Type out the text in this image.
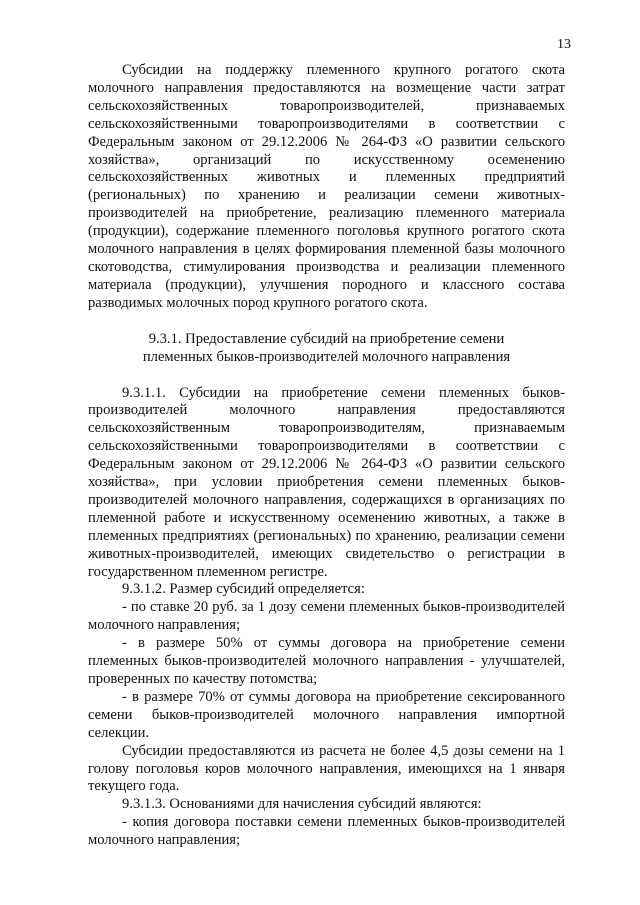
13

Субсидии на поддержку племенного крупного рогатого скота молочного направления предоставляются на возмещение части затрат сельскохозяйственных товаропроизводителей, признаваемых сельскохозяйственными товаропроизводителями в соответствии с Федеральным законом от 29.12.2006 № 264-ФЗ «О развитии сельского хозяйства», организаций по искусственному осеменению сельскохозяйственных животных и племенных предприятий (региональных) по хранению и реализации семени животных-производителей на приобретение, реализацию племенного материала (продукции), содержание племенного поголовья крупного рогатого скота молочного направления в целях формирования племенной базы молочного скотоводства, стимулирования производства и реализации племенного материала (продукции), улучшения породного и классного состава разводимых молочных пород крупного рогатого скота.

9.3.1. Предоставление субсидий на приобретение семени
племенных быков-производителей молочного направления

9.3.1.1. Субсидии на приобретение семени племенных быков-производителей молочного направления предоставляются сельскохозяйственным товаропроизводителям, признаваемым сельскохозяйственными товаропроизводителями в соответствии с Федеральным законом от 29.12.2006 № 264-ФЗ «О развитии сельского хозяйства», при условии приобретения семени племенных быков-производителей молочного направления, содержащихся в организациях по племенной работе и искусственному осеменению животных, а также в племенных предприятиях (региональных) по хранению, реализации семени животных-производителей, имеющих свидетельство о регистрации в государственном племенном регистре.

9.3.1.2. Размер субсидий определяется:

- по ставке 20 руб. за 1 дозу семени племенных быков-производителей молочного направления;

- в размере 50% от суммы договора на приобретение семени племенных быков-производителей молочного направления - улучшателей, проверенных по качеству потомства;

- в размере 70% от суммы договора на приобретение сексированного семени быков-производителей молочного направления импортной селекции.

Субсидии предоставляются из расчета не более 4,5 дозы семени на 1 голову поголовья коров молочного направления, имеющихся на 1 января текущего года.

9.3.1.3. Основаниями для начисления субсидий являются:

- копия договора поставки семени племенных быков-производителей молочного направления;
